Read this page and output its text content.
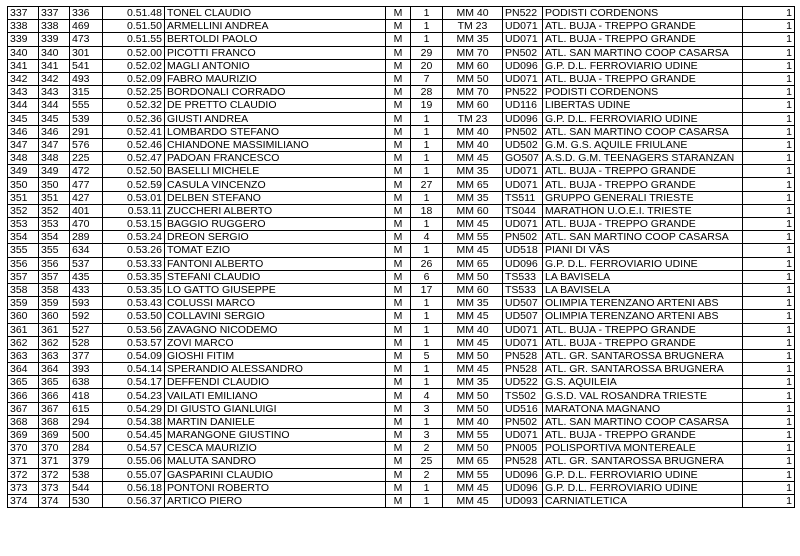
337	337	336	0.51.48	TONEL CLAUDIO	M	1	MM 40	PN522	PODISTI CORDENONS	1
338	338	469	0.51.50	ARMELLINI ANDREA	M	1	TM 23	UD071	ATL. BUJA - TREPPO GRANDE	1
339	339	473	0.51.55	BERTOLDI PAOLO	M	1	MM 35	UD071	ATL. BUJA - TREPPO GRANDE	1
340	340	301	0.52.00	PICOTTI FRANCO	M	29	MM 70	PN502	ATL. SAN MARTINO COOP CASARSA	1
341	341	541	0.52.02	MAGLI ANTONIO	M	20	MM 60	UD096	G.P. D.L. FERROVIARIO UDINE	1
342	342	493	0.52.09	FABRO MAURIZIO	M	7	MM 50	UD071	ATL. BUJA - TREPPO GRANDE	1
343	343	315	0.52.25	BORDONALI CORRADO	M	28	MM 70	PN522	PODISTI CORDENONS	1
344	344	555	0.52.32	DE PRETTO CLAUDIO	M	19	MM 60	UD116	LIBERTAS UDINE	1
345	345	539	0.52.36	GIUSTI ANDREA	M	1	TM 23	UD096	G.P. D.L. FERROVIARIO UDINE	1
346	346	291	0.52.41	LOMBARDO STEFANO	M	1	MM 40	PN502	ATL. SAN MARTINO COOP CASARSA	1
347	347	576	0.52.46	CHIANDONE MASSIMILIANO	M	1	MM 40	UD502	G.M. G.S. AQUILE FRIULANE	1
348	348	225	0.52.47	PADOAN FRANCESCO	M	1	MM 45	GO507	A.S.D. G.M. TEENAGERS STARANZAN	1
349	349	472	0.52.50	BASELLI MICHELE	M	1	MM 35	UD071	ATL. BUJA - TREPPO GRANDE	1
350	350	477	0.52.59	CASULA VINCENZO	M	27	MM 65	UD071	ATL. BUJA - TREPPO GRANDE	1
351	351	427	0.53.01	DELBEN STEFANO	M	1	MM 35	TS511	GRUPPO GENERALI TRIESTE	1
352	352	401	0.53.11	ZUCCHERI ALBERTO	M	18	MM 60	TS044	MARATHON U.O.E.I. TRIESTE	1
353	353	470	0.53.15	BAGGIO RUGGERO	M	1	MM 45	UD071	ATL. BUJA - TREPPO GRANDE	1
354	354	289	0.53.24	DREON SERGIO	M	4	MM 55	PN502	ATL. SAN MARTINO COOP CASARSA	1
355	355	634	0.53.26	TOMAT EZIO	M	1	MM 45	UD518	PIANI DI VÂS	1
356	356	537	0.53.33	FANTONI ALBERTO	M	26	MM 65	UD096	G.P. D.L. FERROVIARIO UDINE	1
357	357	435	0.53.35	STEFANI CLAUDIO	M	6	MM 50	TS533	LA BAVISELA	1
358	358	433	0.53.35	LO GATTO GIUSEPPE	M	17	MM 60	TS533	LA BAVISELA	1
359	359	593	0.53.43	COLUSSI MARCO	M	1	MM 35	UD507	OLIMPIA TERENZANO ARTENI ABS	1
360	360	592	0.53.50	COLLAVINI SERGIO	M	1	MM 45	UD507	OLIMPIA TERENZANO ARTENI ABS	1
361	361	527	0.53.56	ZAVAGNO NICODEMO	M	1	MM 40	UD071	ATL. BUJA - TREPPO GRANDE	1
362	362	528	0.53.57	ZOVI MARCO	M	1	MM 45	UD071	ATL. BUJA - TREPPO GRANDE	1
363	363	377	0.54.09	GIOSHI FITIM	M	5	MM 50	PN528	ATL. GR. SANTAROSSA BRUGNERA	1
364	364	393	0.54.14	SPERANDIO ALESSANDRO	M	1	MM 45	PN528	ATL. GR. SANTAROSSA BRUGNERA	1
365	365	638	0.54.17	DEFFENDI CLAUDIO	M	1	MM 35	UD522	G.S. AQUILEIA	1
366	366	418	0.54.23	VAILATI EMILIANO	M	4	MM 50	TS502	G.S.D. VAL ROSANDRA TRIESTE	1
367	367	615	0.54.29	DI GIUSTO GIANLUIGI	M	3	MM 50	UD516	MARATONA MAGNANO	1
368	368	294	0.54.38	MARTIN DANIELE	M	1	MM 40	PN502	ATL. SAN MARTINO COOP CASARSA	1
369	369	500	0.54.45	MARANGONE GIUSTINO	M	3	MM 55	UD071	ATL. BUJA - TREPPO GRANDE	1
370	370	284	0.54.57	CESCA MAURIZIO	M	2	MM 50	PN005	POLISPORTIVA MONTEREALE	1
371	371	379	0.55.06	MALUTA SANDRO	M	25	MM 65	PN528	ATL. GR. SANTAROSSA BRUGNERA	1
372	372	538	0.55.07	GASPARINI CLAUDIO	M	2	MM 55	UD096	G.P. D.L. FERROVIARIO UDINE	1
373	373	544	0.56.18	PONTONI ROBERTO	M	1	MM 45	UD096	G.P. D.L. FERROVIARIO UDINE	1
374	374	530	0.56.37	ARTICO PIERO	M	1	MM 45	UD093	CARNIATLETICA	1
